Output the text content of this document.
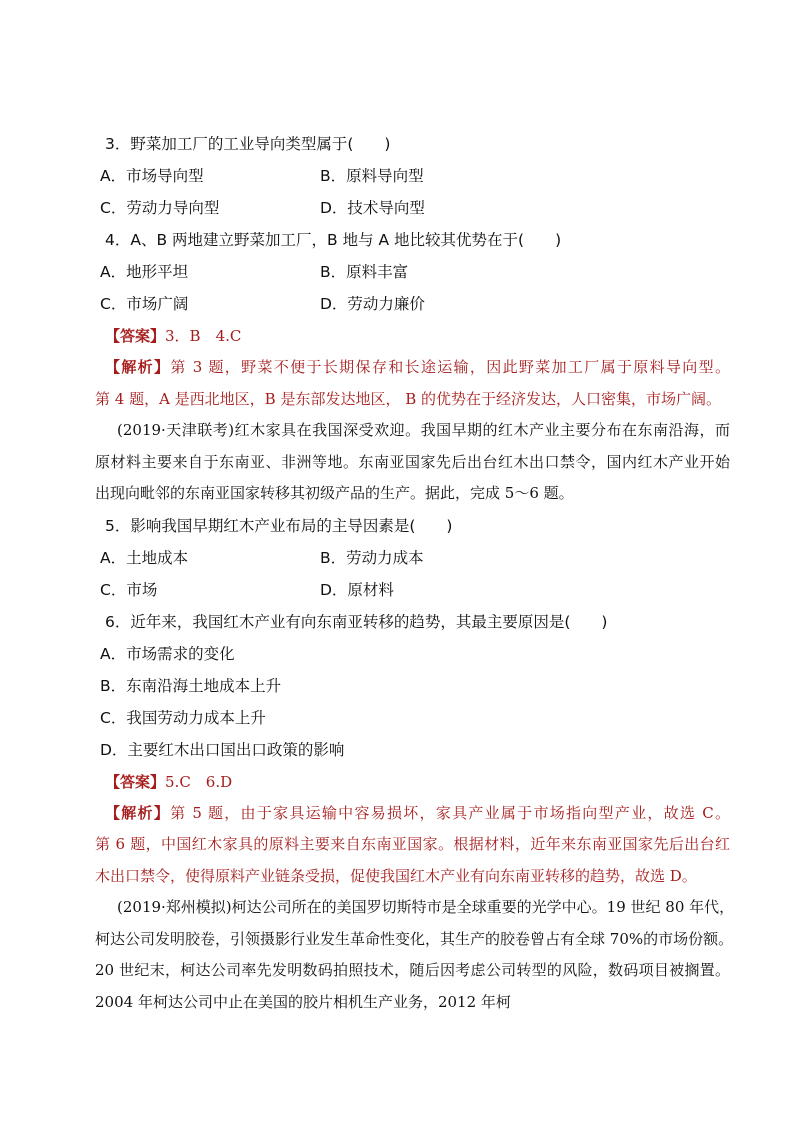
3．野菜加工厂的工业导向类型属于(　　)
A．市场导向型	B．原料导向型
C．劳动力导向型	D．技术导向型
4．A、B 两地建立野菜加工厂，B 地与 A 地比较其优势在于(　　)
A．地形平坦	B．原料丰富
C．市场广阔	D．劳动力廉价
【答案】3．B　4.C
【解析】第 3 题，野菜不便于长期保存和长途运输，因此野菜加工厂属于原料导向型。
第 4 题，A 是西北地区，B 是东部发达地区， B 的优势在于经济发达，人口密集，市场广阔。
(2019·天津联考)红木家具在我国深受欢迎。我国早期的红木产业主要分布在东南沿海，而
原材料主要来自于东南亚、非洲等地。东南亚国家先后出台红木出口禁令，国内红木产业开始
出现向毗邻的东南亚国家转移其初级产品的生产。据此，完成 5～6 题。
5．影响我国早期红木产业布局的主导因素是(　　)
A．土地成本	B．劳动力成本
C．市场	D．原材料
6．近年来，我国红木产业有向东南亚转移的趋势，其最主要原因是(　　)
A．市场需求的变化
B．东南沿海土地成本上升
C．我国劳动力成本上升
D．主要红木出口国出口政策的影响
【答案】5.C　6.D
【解析】第 5 题，由于家具运输中容易损坏，家具产业属于市场指向型产业，故选 C。
第 6 题，中国红木家具的原料主要来自东南亚国家。根据材料，近年来东南亚国家先后出台红
木出口禁令，使得原料产业链条受损，促使我国红木产业有向东南亚转移的趋势，故选 D。
(2019·郑州模拟)柯达公司所在的美国罗切斯特市是全球重要的光学中心。19 世纪 80 年代，
柯达公司发明胶卷，引领摄影行业发生革命性变化，其生产的胶卷曾占有全球 70%的市场份额。
20 世纪末，柯达公司率先发明数码拍照技术，随后因考虑公司转型的风险，数码项目被搁置。
2004 年柯达公司中止在美国的胶片相机生产业务，2012 年柯
